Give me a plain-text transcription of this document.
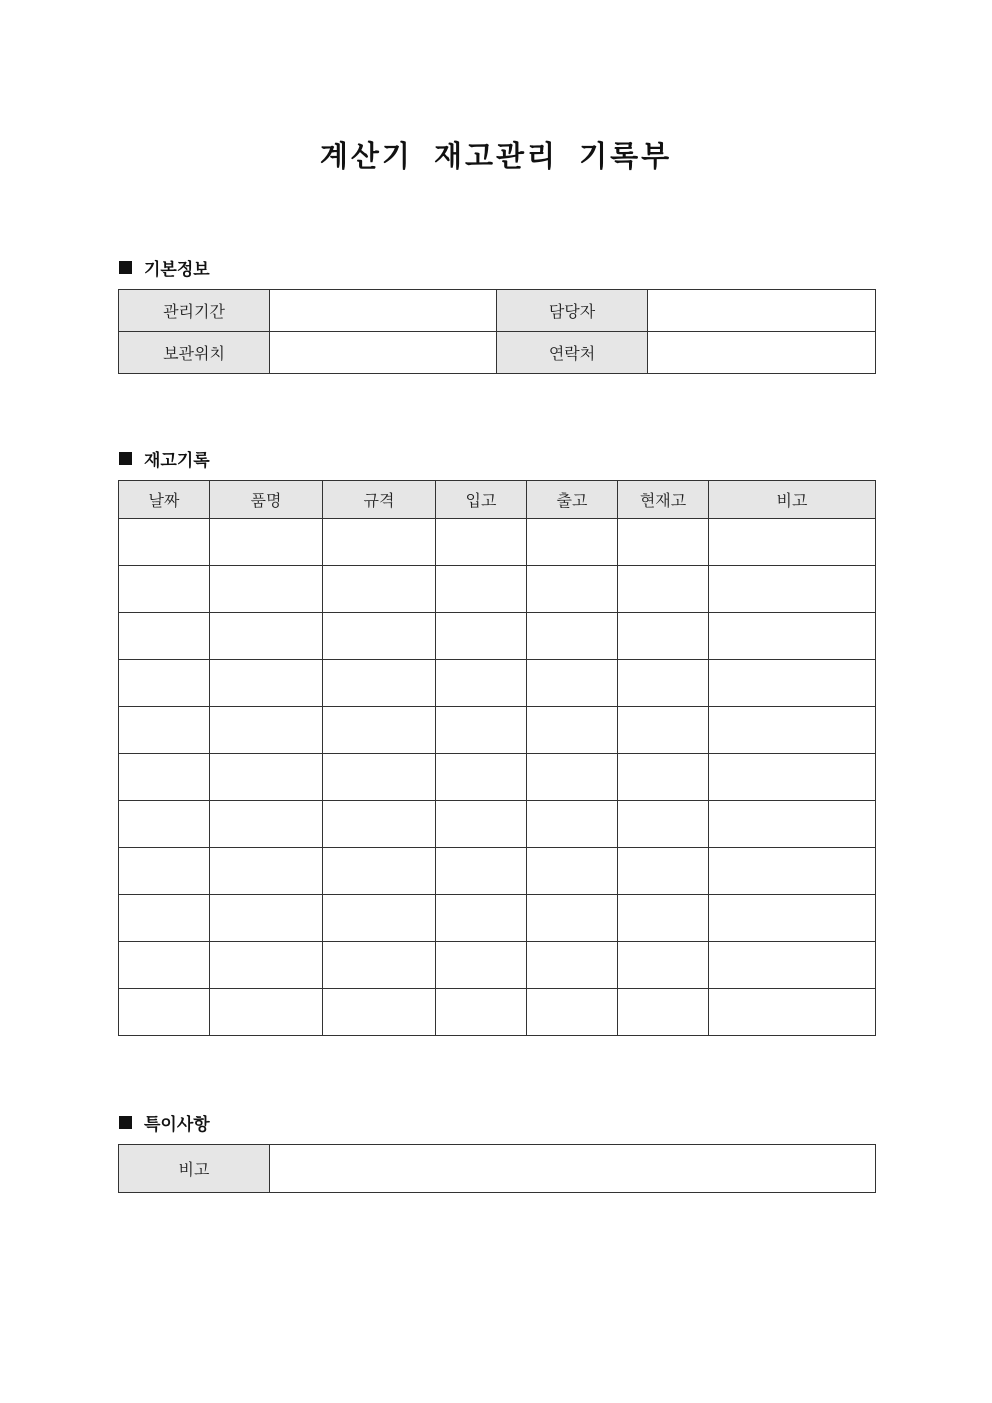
계산기 재고관리 기록부
기본정보
관리기간		담당자	
보관위치		연락처	
재고기록
날짜	품명	규격	입고	출고	현재고	비고

특이사항
비고	
